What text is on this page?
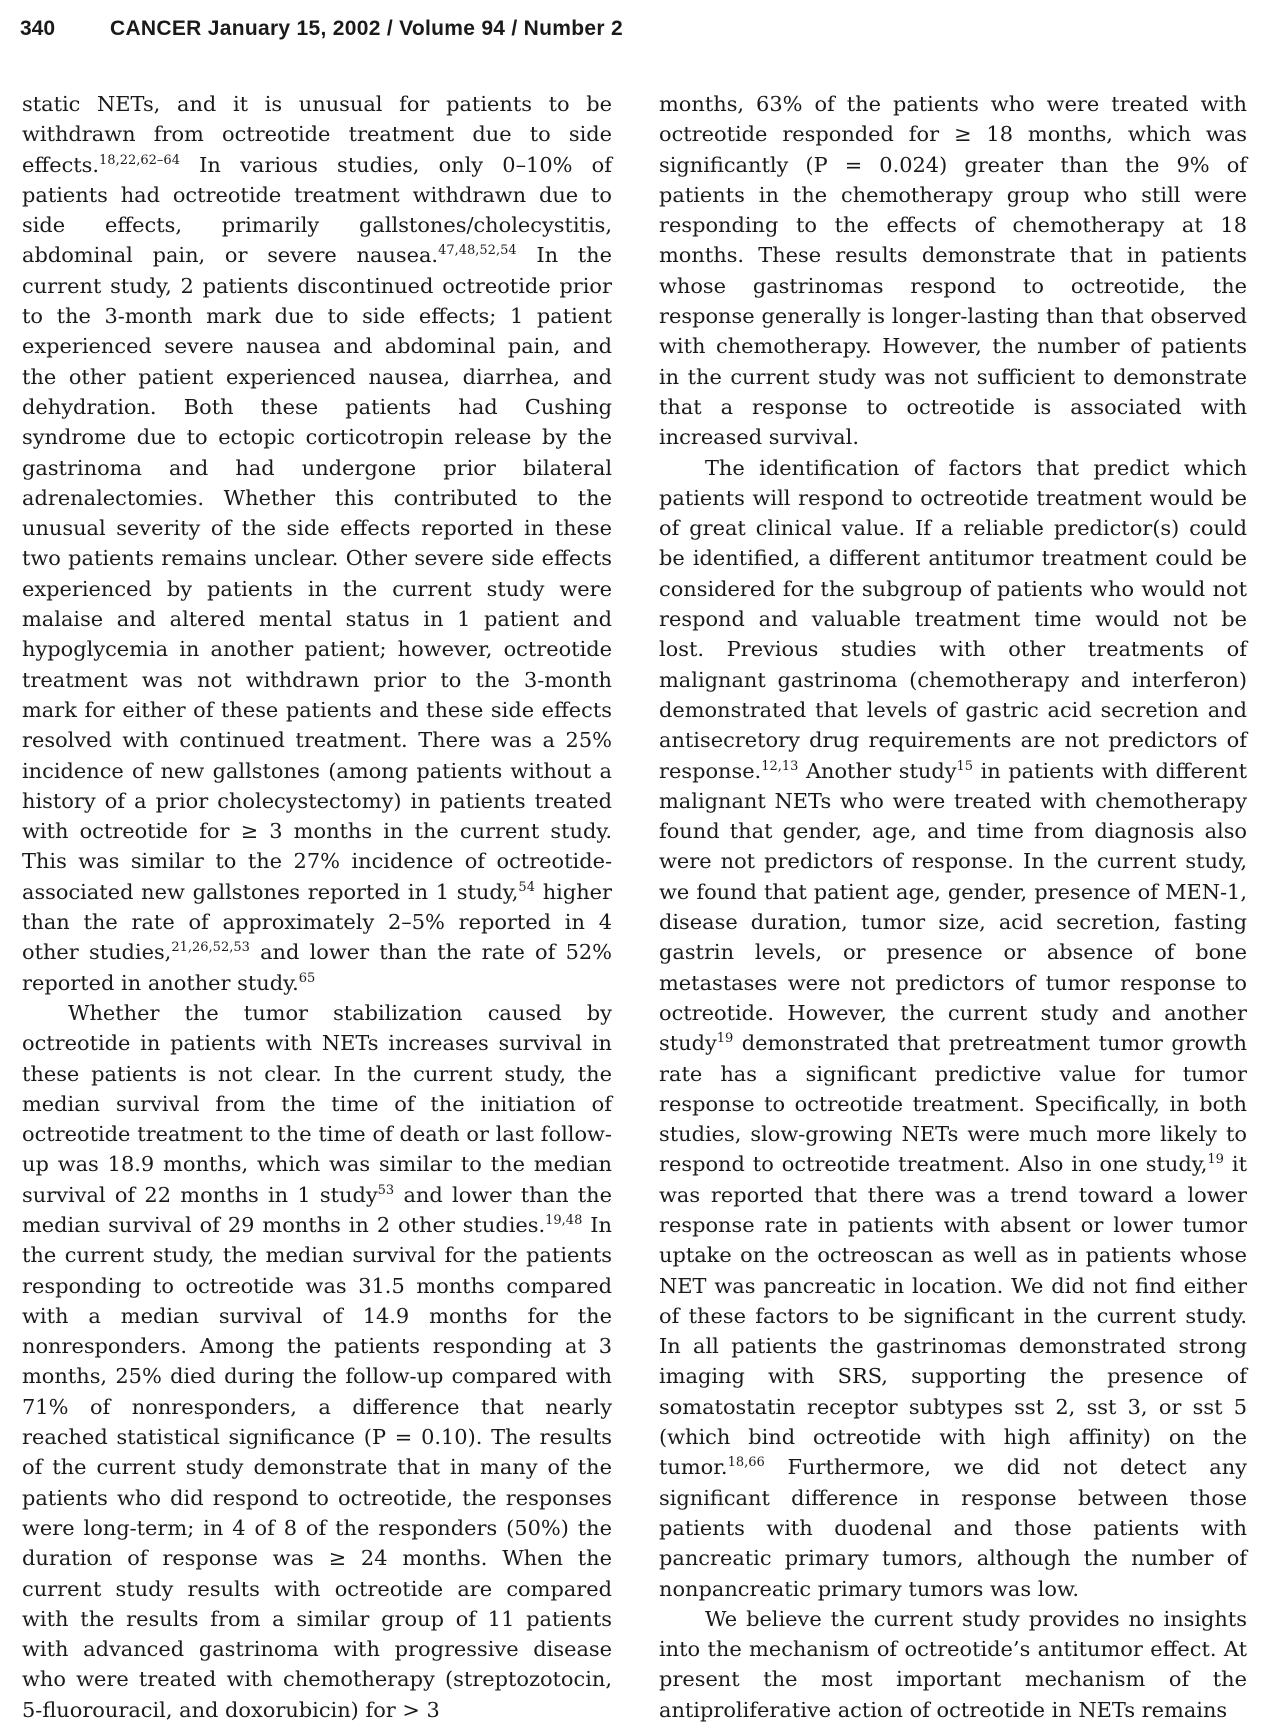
340	CANCER January 15, 2002 / Volume 94 / Number 2

static NETs, and it is unusual for patients to be withdrawn from octreotide treatment due to side effects.$^{18,22,62-64}$ In various studies, only 0–10% of patients had octreotide treatment withdrawn due to side effects, primarily gallstones/cholecystitis, abdominal pain, or severe nausea.$^{47,48,52,54}$ In the current study, 2 patients discontinued octreotide prior to the 3-month mark due to side effects; 1 patient experienced severe nausea and abdominal pain, and the other patient experienced nausea, diarrhea, and dehydration. Both these patients had Cushing syndrome due to ectopic corticotropin release by the gastrinoma and had undergone prior bilateral adrenalectomies. Whether this contributed to the unusual severity of the side effects reported in these two patients remains unclear. Other severe side effects experienced by patients in the current study were malaise and altered mental status in 1 patient and hypoglycemia in another patient; however, octreotide treatment was not withdrawn prior to the 3-month mark for either of these patients and these side effects resolved with continued treatment. There was a 25% incidence of new gallstones (among patients without a history of a prior cholecystectomy) in patients treated with octreotide for ≥ 3 months in the current study. This was similar to the 27% incidence of octreotide-associated new gallstones reported in 1 study,$^{54}$ higher than the rate of approximately 2–5% reported in 4 other studies,$^{21,26,52,53}$ and lower than the rate of 52% reported in another study.$^{65}$

Whether the tumor stabilization caused by octreotide in patients with NETs increases survival in these patients is not clear. In the current study, the median survival from the time of the initiation of octreotide treatment to the time of death or last follow-up was 18.9 months, which was similar to the median survival of 22 months in 1 study$^{53}$ and lower than the median survival of 29 months in 2 other studies.$^{19,48}$ In the current study, the median survival for the patients responding to octreotide was 31.5 months compared with a median survival of 14.9 months for the nonresponders. Among the patients responding at 3 months, 25% died during the follow-up compared with 71% of nonresponders, a difference that nearly reached statistical significance (P = 0.10). The results of the current study demonstrate that in many of the patients who did respond to octreotide, the responses were long-term; in 4 of 8 of the responders (50%) the duration of response was ≥ 24 months. When the current study results with octreotide are compared with the results from a similar group of 11 patients with advanced gastrinoma with progressive disease who were treated with chemotherapy (streptozotocin, 5-fluorouracil, and doxorubicin) for > 3

months, 63% of the patients who were treated with octreotide responded for ≥ 18 months, which was significantly (P = 0.024) greater than the 9% of patients in the chemotherapy group who still were responding to the effects of chemotherapy at 18 months. These results demonstrate that in patients whose gastrinomas respond to octreotide, the response generally is longer-lasting than that observed with chemotherapy. However, the number of patients in the current study was not sufficient to demonstrate that a response to octreotide is associated with increased survival.

The identification of factors that predict which patients will respond to octreotide treatment would be of great clinical value. If a reliable predictor(s) could be identified, a different antitumor treatment could be considered for the subgroup of patients who would not respond and valuable treatment time would not be lost. Previous studies with other treatments of malignant gastrinoma (chemotherapy and interferon) demonstrated that levels of gastric acid secretion and antisecretory drug requirements are not predictors of response.$^{12,13}$ Another study$^{15}$ in patients with different malignant NETs who were treated with chemotherapy found that gender, age, and time from diagnosis also were not predictors of response. In the current study, we found that patient age, gender, presence of MEN-1, disease duration, tumor size, acid secretion, fasting gastrin levels, or presence or absence of bone metastases were not predictors of tumor response to octreotide. However, the current study and another study$^{19}$ demonstrated that pretreatment tumor growth rate has a significant predictive value for tumor response to octreotide treatment. Specifically, in both studies, slow-growing NETs were much more likely to respond to octreotide treatment. Also in one study,$^{19}$ it was reported that there was a trend toward a lower response rate in patients with absent or lower tumor uptake on the octreoscan as well as in patients whose NET was pancreatic in location. We did not find either of these factors to be significant in the current study. In all patients the gastrinomas demonstrated strong imaging with SRS, supporting the presence of somatostatin receptor subtypes sst 2, sst 3, or sst 5 (which bind octreotide with high affinity) on the tumor.$^{18,66}$ Furthermore, we did not detect any significant difference in response between those patients with duodenal and those patients with pancreatic primary tumors, although the number of nonpancreatic primary tumors was low.

We believe the current study provides no insights into the mechanism of octreotide’s antitumor effect. At present the most important mechanism of the antiproliferative action of octreotide in NETs remains
